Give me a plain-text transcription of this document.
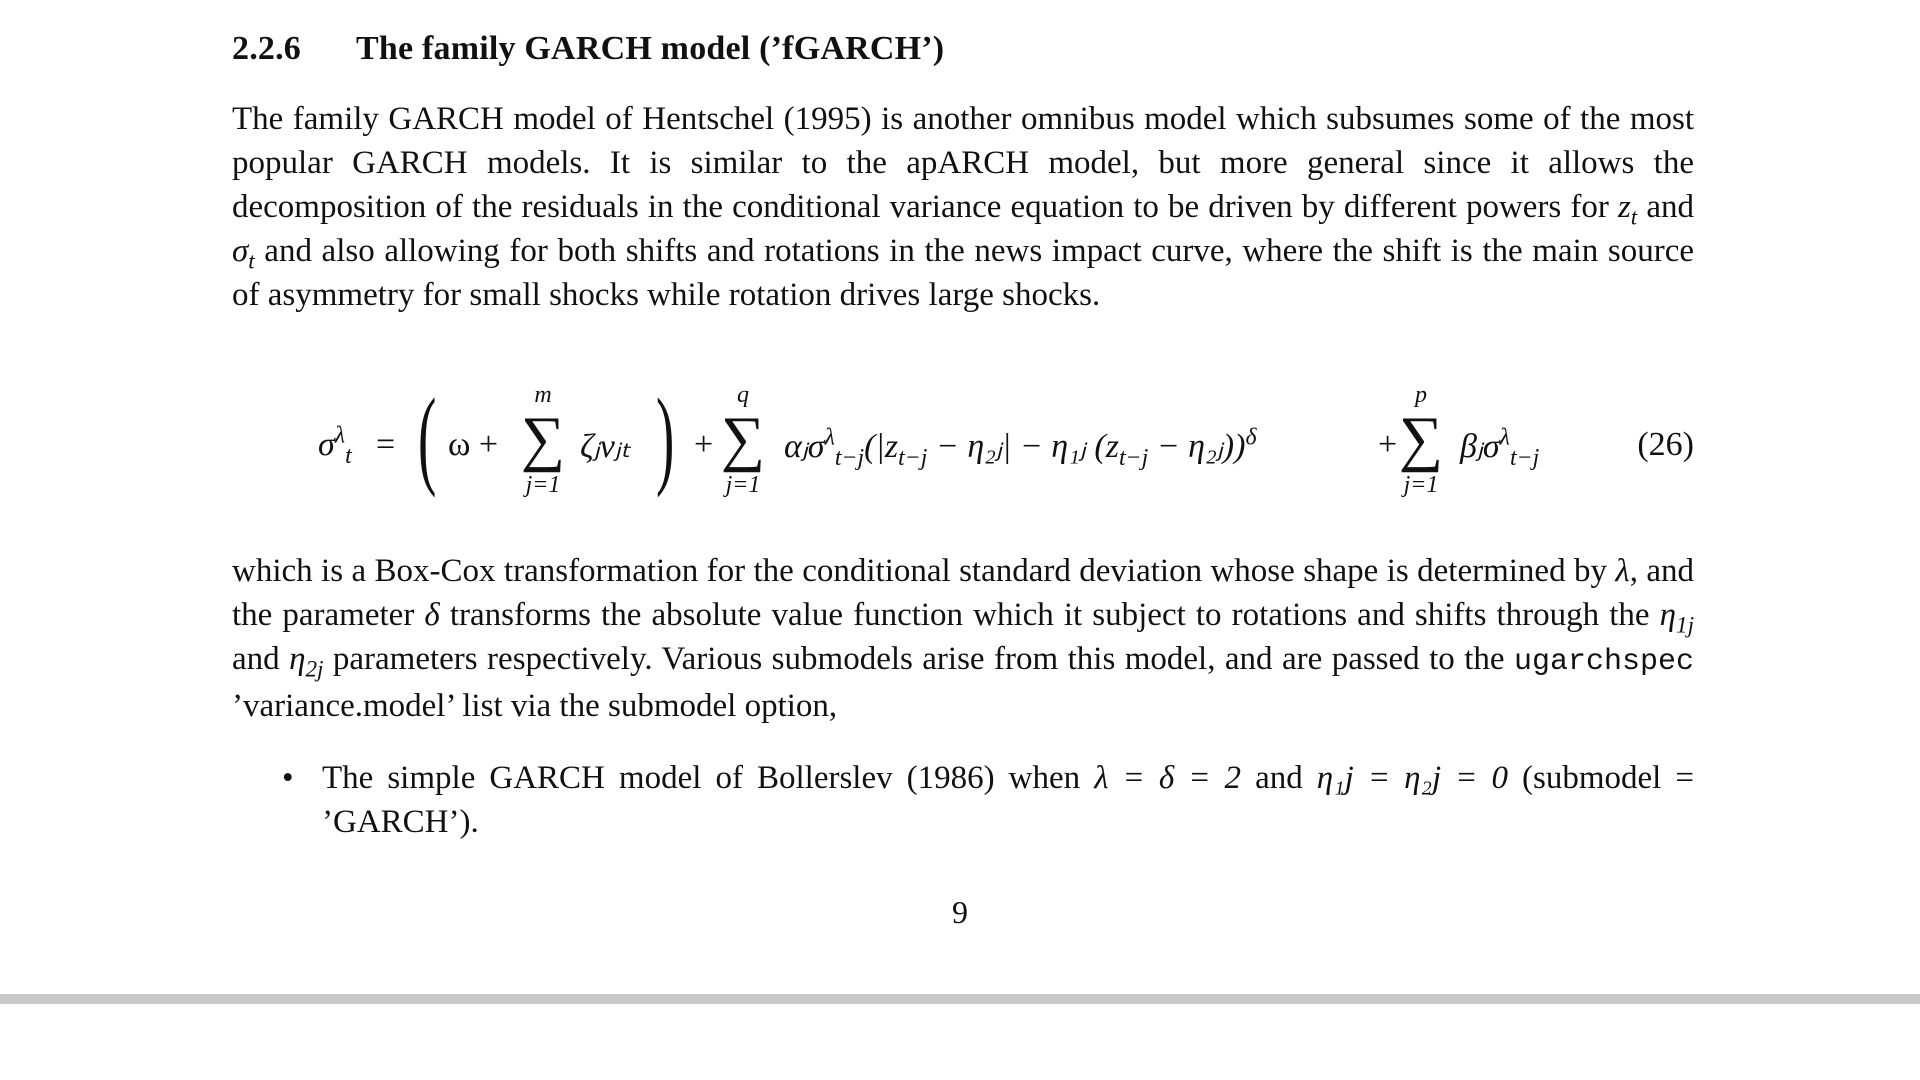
2.2.6 The family GARCH model (’fGARCH’)
The family GARCH model of Hentschel (1995) is another omnibus model which subsumes some of the most popular GARCH models. It is similar to the apARCH model, but more general since it allows the decomposition of the residuals in the conditional variance equation to be driven by different powers for $z_t$ and $\sigma_t$ and also allowing for both shifts and rotations in the news impact curve, where the shift is the main source of asymmetry for small shocks while rotation drives large shocks.
$\sigma^\lambda_t$ = ( ω +
m
∑
j=1
ζⱼvⱼₜ ) +
q
∑
j=1
$\alpha ⱼ\sigma^\lambda_{t-j}(|z_{t-j}$ − η₂ⱼ| − η₁ⱼ ($z_{t-j}$ − η₂ⱼ))$^\delta$	+
p
∑
j=1
βⱼσ$^\lambda_{t-j}$	(26)
which is a Box-Cox transformation for the conditional standard deviation whose shape is determined by λ, and the parameter δ transforms the absolute value function which it subject to rotations and shifts through the $\eta_{1j}$ and $\eta_{2j}$ parameters respectively. Various submodels arise from this model, and are passed to the ugarchspec ’variance.model’ list via the submodel option,
• The simple GARCH model of Bollerslev (1986) when λ = δ = 2 and η₁j = η₂j = 0 (submodel = ’GARCH’).
9
